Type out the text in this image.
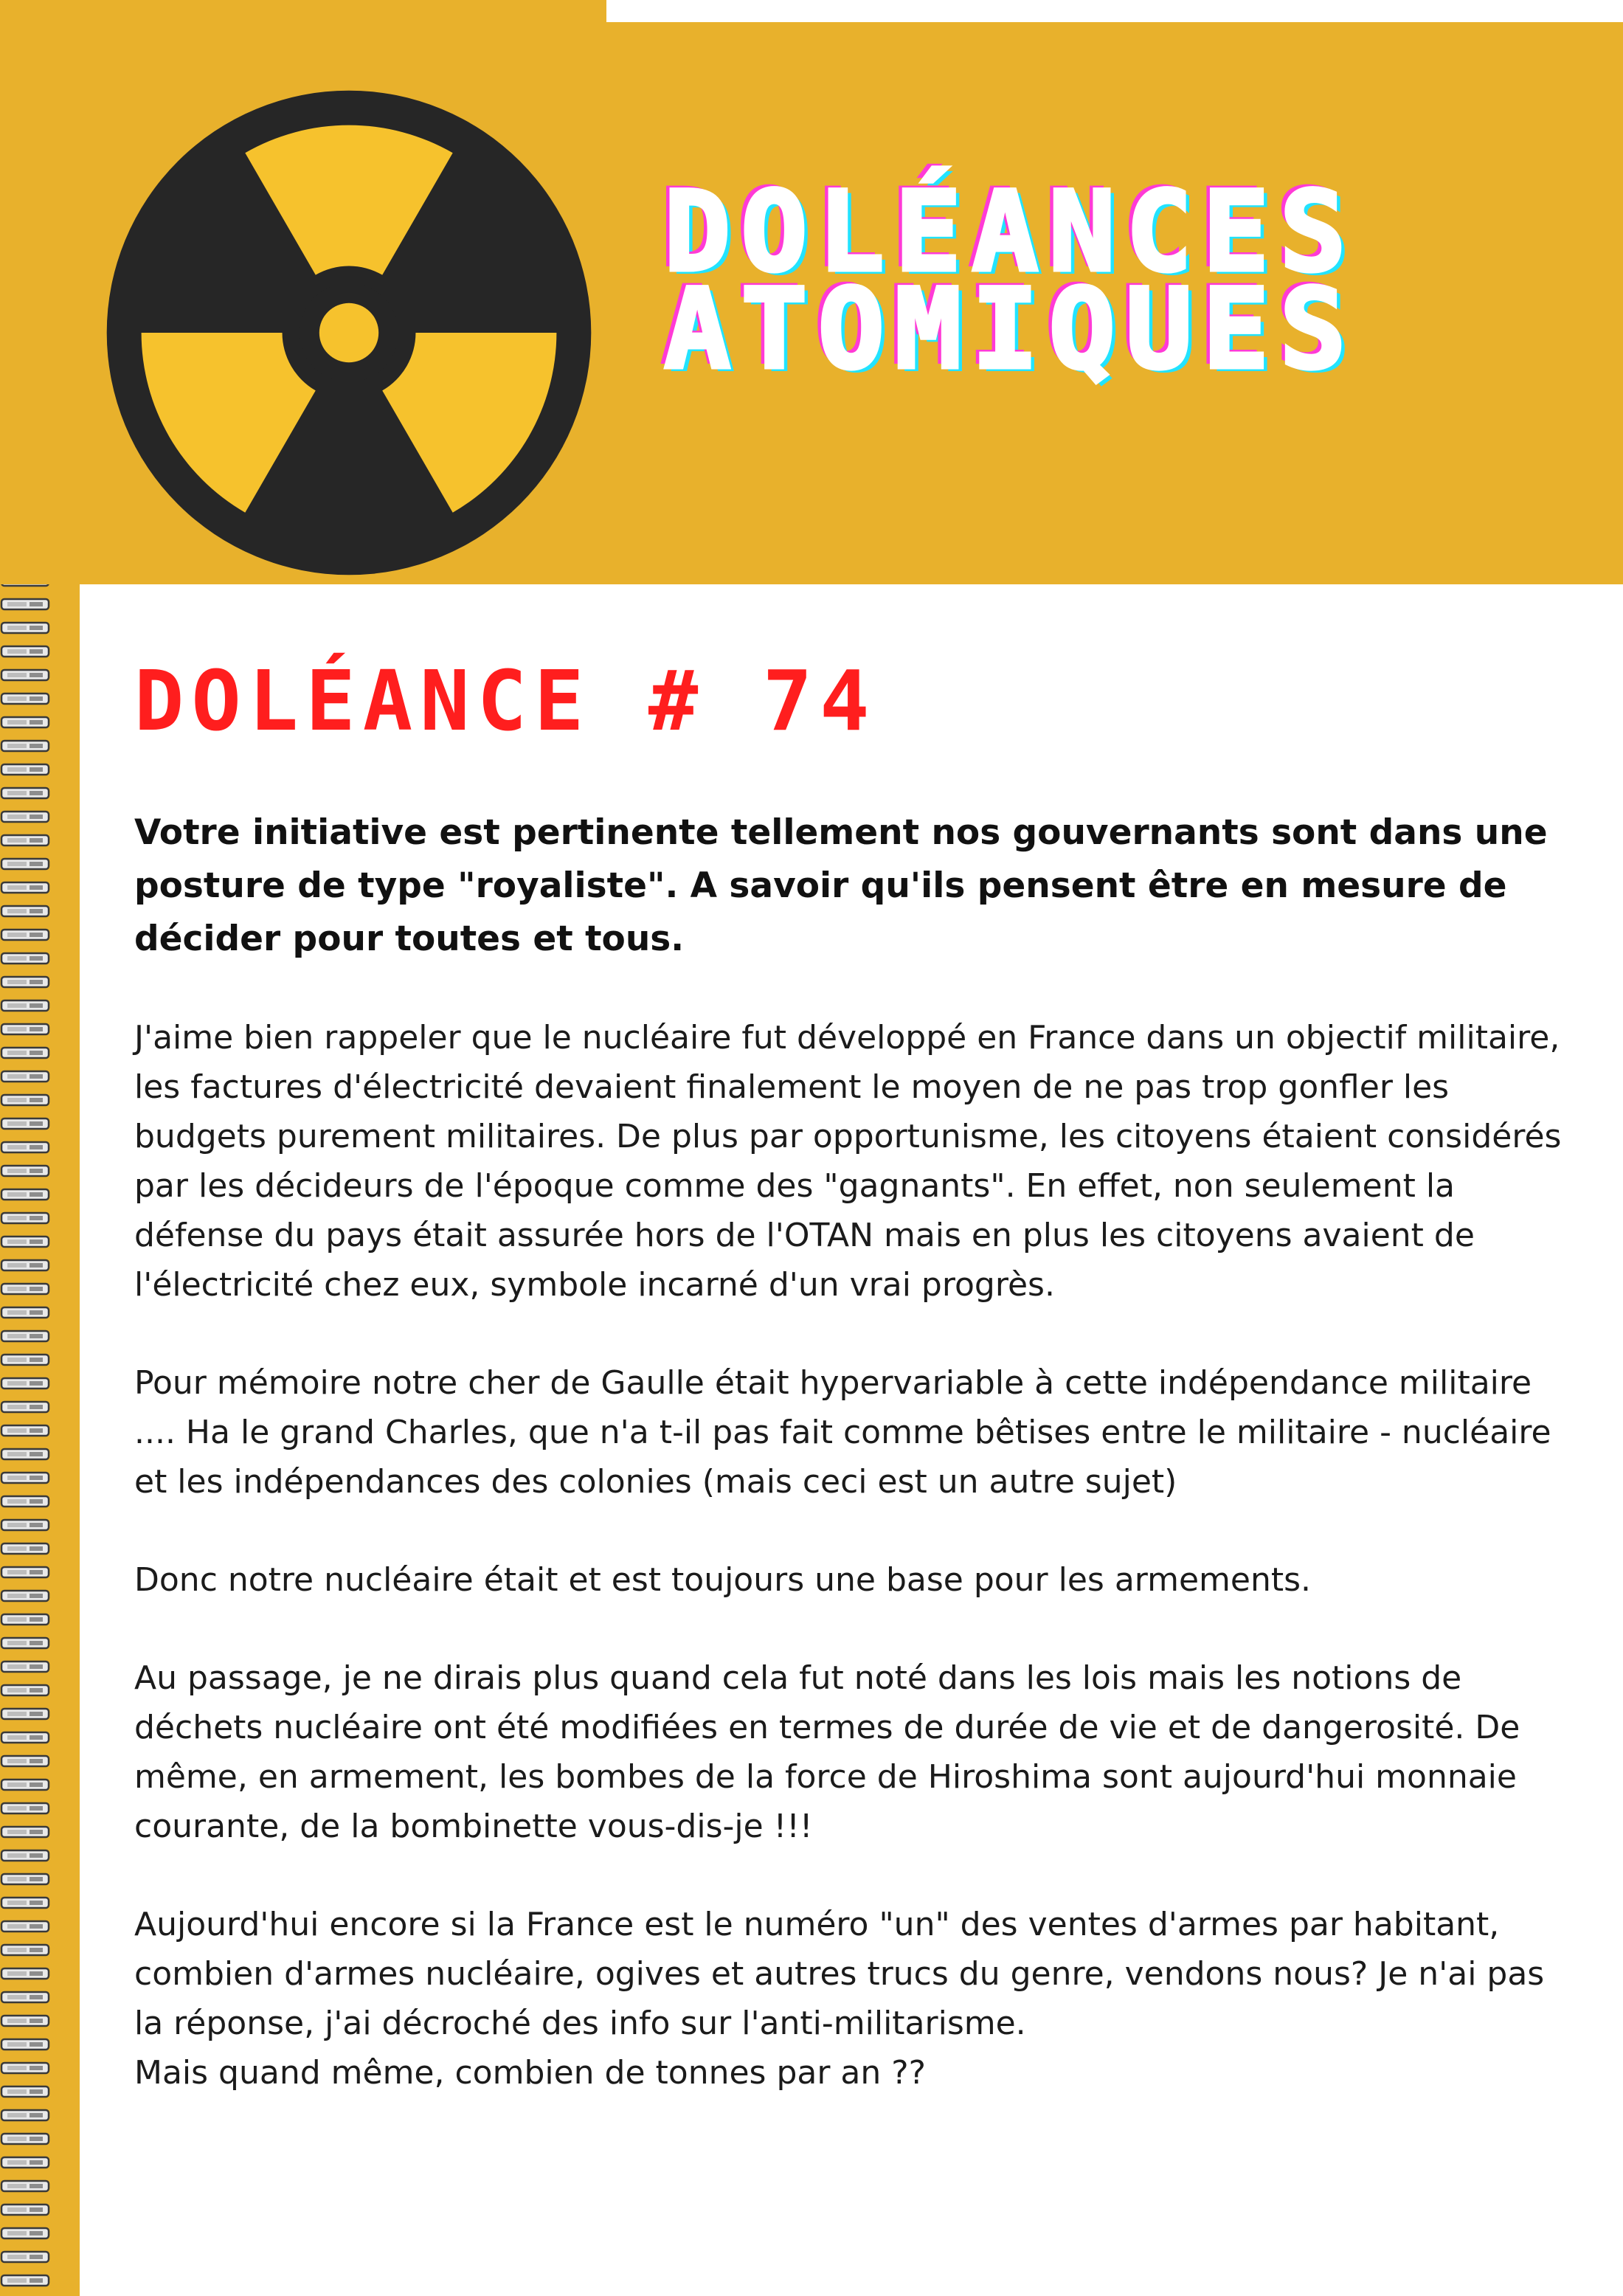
DOLÉANCES
ATOMIQUES
DOLÉANCE # 74

Votre initiative est pertinente tellement nos gouvernants sont dans une posture de type "royaliste". A savoir qu'ils pensent être en mesure de décider pour toutes et tous.

J'aime bien rappeler que le nucléaire fut développé en France dans un objectif militaire, les factures d'électricité devaient finalement le moyen de ne pas trop gonfler les budgets purement militaires. De plus par opportunisme, les citoyens étaient considérés par les décideurs de l'époque comme des "gagnants". En effet, non seulement la défense du pays était assurée hors de l'OTAN mais en plus les citoyens avaient de l'électricité chez eux, symbole incarné d'un vrai progrès.

Pour mémoire notre cher de Gaulle était hypervariable à cette indépendance militaire .... Ha le grand Charles, que n'a t-il pas fait comme bêtises entre le militaire - nucléaire et les indépendances des colonies (mais ceci est un autre sujet)

Donc notre nucléaire était et est toujours une base pour les armements.

Au passage, je ne dirais plus quand cela fut noté dans les lois mais les notions de déchets nucléaire ont été modifiées en termes de durée de vie et de dangerosité. De même, en armement, les bombes de la force de Hiroshima sont aujourd'hui monnaie courante, de la bombinette vous-dis-je !!!

Aujourd'hui encore si la France est le numéro "un" des ventes d'armes par habitant, combien d'armes nucléaire, ogives et autres trucs du genre, vendons nous? Je n'ai pas la réponse, j'ai décroché des info sur l'anti-militarisme.

Mais quand même, combien de tonnes par an ??
